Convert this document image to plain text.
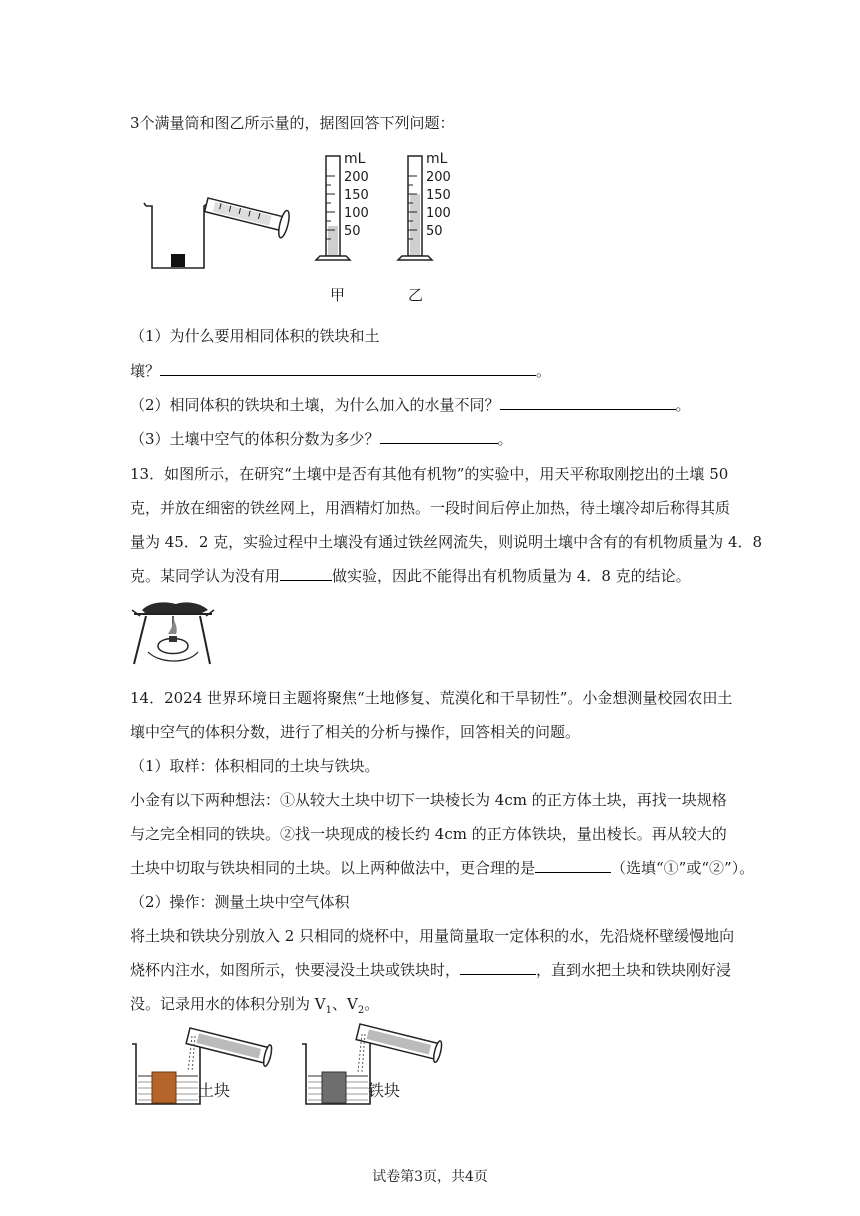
3个满量筒和图乙所示量的，据图回答下列问题：
mL
200
150
100
50
mL
200
150
100
50
甲	乙
（1）为什么要用相同体积的铁块和土
壤？	。
（2）相同体积的铁块和土壤，为什么加入的水量不同？	。
（3）土壤中空气的体积分数为多少？	。
13．如图所示，在研究“土壤中是否有其他有机物”的实验中，用天平称取刚挖出的土壤 50
克，并放在细密的铁丝网上，用酒精灯加热。一段时间后停止加热，待土壤冷却后称得其质
量为 45．2 克，实验过程中土壤没有通过铁丝网流失，则说明土壤中含有的有机物质量为 4．8
克。某同学认为没有用	做实验，因此不能得出有机物质量为 4．8 克的结论。
14．2024 世界环境日主题将聚焦“土地修复、荒漠化和干旱韧性”。小金想测量校园农田土
壤中空气的体积分数，进行了相关的分析与操作，回答相关的问题。
（1）取样：体积相同的土块与铁块。
小金有以下两种想法：①从较大土块中切下一块棱长为 4cm 的正方体土块，再找一块规格
与之完全相同的铁块。②找一块现成的棱长约 4cm 的正方体铁块，量出棱长。再从较大的
土块中切取与铁块相同的土块。以上两种做法中，更合理的是	（选填“①”或“②”）。
（2）操作：测量土块中空气体积
将土块和铁块分别放入 2 只相同的烧杯中，用量筒量取一定体积的水，先沿烧杯壁缓慢地向
烧杯内注水，如图所示，快要浸没土块或铁块时，	，直到水把土块和铁块刚好浸
没。记录用水的体积分别为 $V_1$、$V_2$。
土块	铁块
试卷第3页，共4页
